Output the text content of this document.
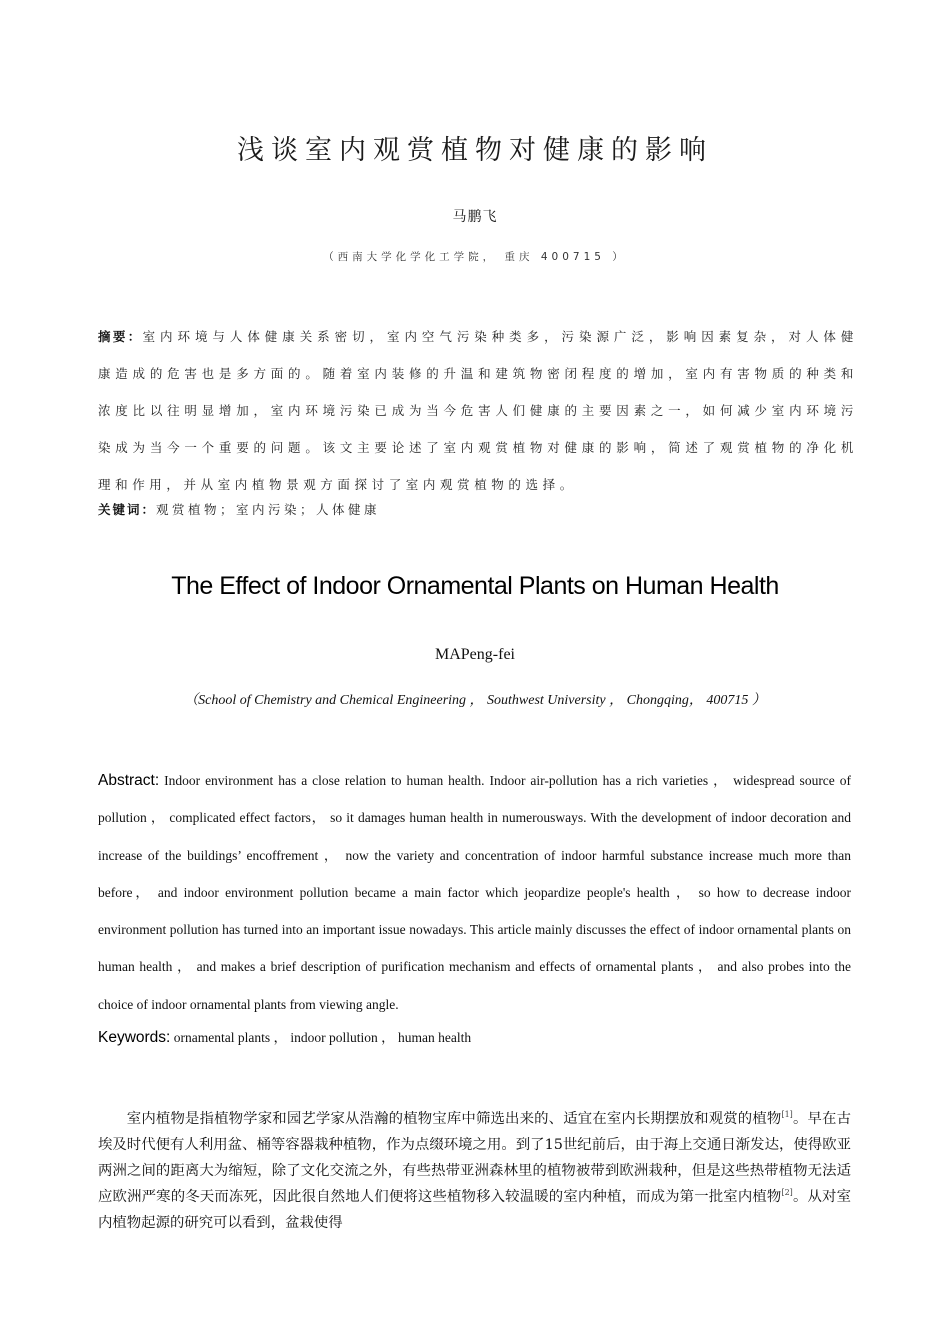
浅谈室内观赏植物对健康的影响
马鹏飞
（西南大学化学化工学院， 重庆 400715 ）
摘要：室内环境与人体健康关系密切，室内空气污染种类多，污染源广泛，影响因素复杂，对人体健康造成的危害也是多方面的。随着室内装修的升温和建筑物密闭程度的增加，室内有害物质的种类和浓度比以往明显增加，室内环境污染已成为当今危害人们健康的主要因素之一，如何减少室内环境污染成为当今一个重要的问题。该文主要论述了室内观赏植物对健康的影响，简述了观赏植物的净化机理和作用，并从室内植物景观方面探讨了室内观赏植物的选择。
关键词：观赏植物；室内污染；人体健康
The Effect of Indoor Ornamental Plants on Human Health
MAPeng-fei
（School of Chemistry and Chemical Engineering ， Southwest University ， Chongqing， 400715 ）
Abstract: Indoor environment has a close relation to human health. Indoor air-pollution has a rich varieties ， widespread source of pollution ， complicated effect factors， so it damages human health in numerousways. With the development of indoor decoration and increase of the buildings’ encoffrement ， now the variety and concentration of indoor harmful substance increase much more than before， and indoor environment pollution became a main factor which jeopardize people's health ， so how to decrease indoor environment pollution has turned into an important issue nowadays. This article mainly discusses the effect of indoor ornamental plants on human health ， and makes a brief description of purification mechanism and effects of ornamental plants ， and also probes into the choice of indoor ornamental plants from viewing angle.
Keywords: ornamental plants ， indoor pollution ， human health

室内植物是指植物学家和园艺学家从浩瀚的植物宝库中筛选出来的、适宜在室内长期摆放和观赏的植物[1]。早在古埃及时代便有人利用盆、桶等容器栽种植物，作为点缀环境之用。到了15世纪前后，由于海上交通日渐发达，使得欧亚两洲之间的距离大为缩短，除了文化交流之外，有些热带亚洲森林里的植物被带到欧洲栽种，但是这些热带植物无法适应欧洲严寒的冬天而冻死，因此很自然地人们便将这些植物移入较温暖的室内种植，而成为第一批室内植物[2]。从对室内植物起源的研究可以看到，盆栽使得
